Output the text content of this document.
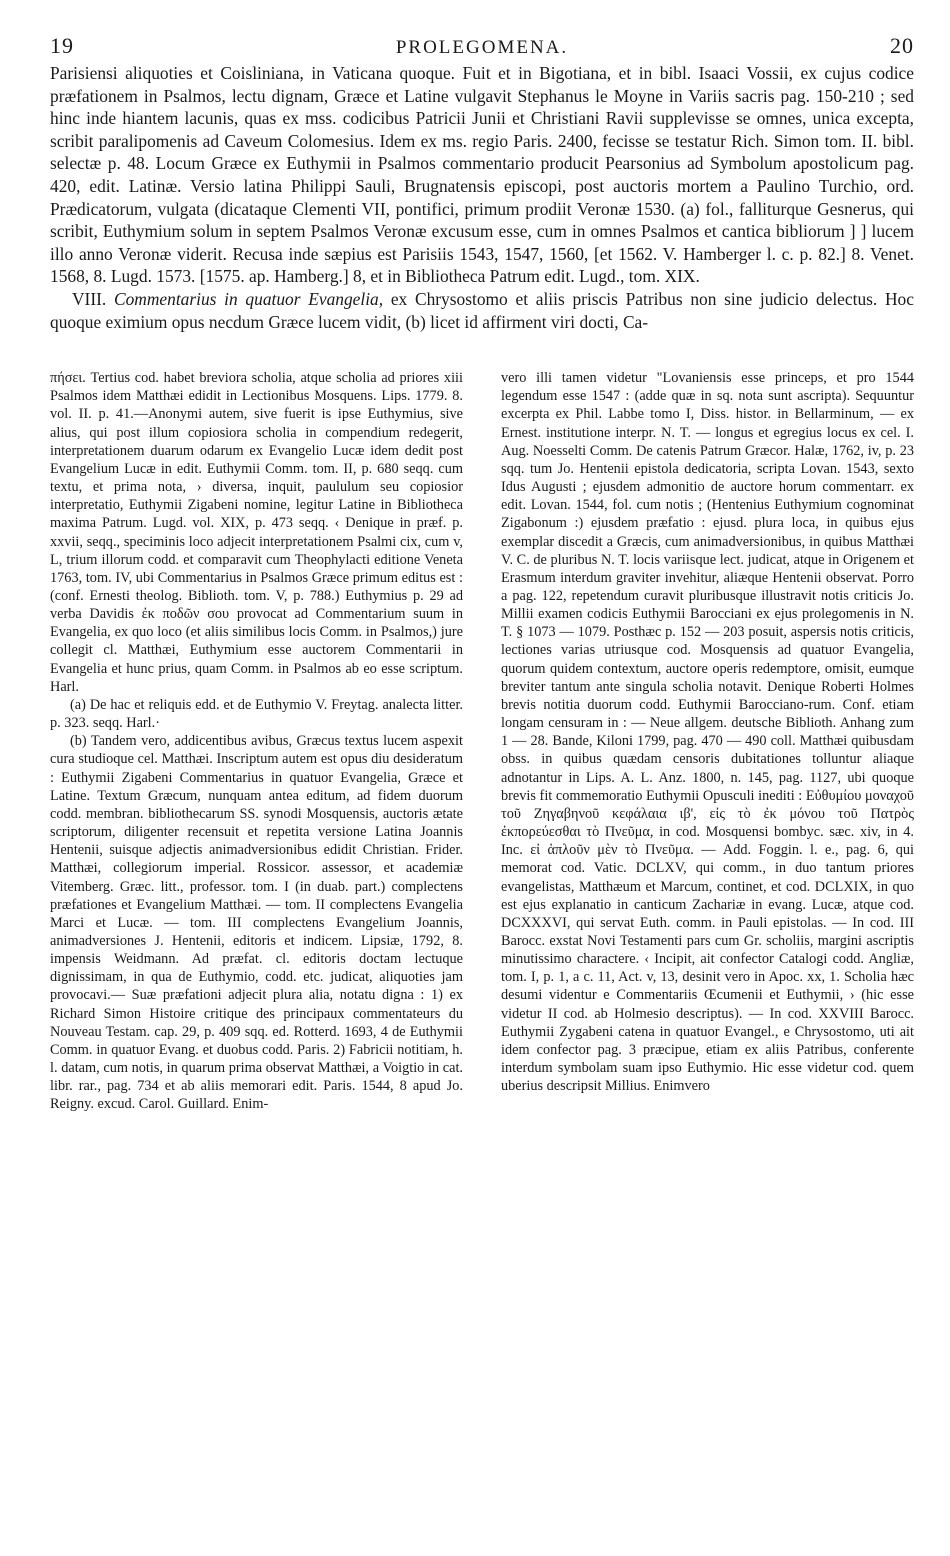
19	PROLEGOMENA.	20

Parisiensi aliquoties et Coisliniana, in Vaticana quoque. Fuit et in Bigotiana, et in bibl. Isaaci Vossii, ex cujus codice præfationem in Psalmos, lectu dignam, Græce et Latine vulgavit Stephanus le Moyne in Variis sacris pag. 150-210 ; sed hinc inde hiantem lacunis, quas ex mss. codicibus Patricii Junii et Christiani Ravii supplevisse se omnes, unica excepta, scribit paralipomenis ad Caveum Colomesius. Idem ex ms. regio Paris. 2400, fecisse se testatur Rich. Simon tom. II. bibl. selectæ p. 48. Locum Græce ex Euthymii in Psalmos commentario producit Pearsonius ad Symbolum apostolicum pag. 420, edit. Latinæ. Versio latina Philippi Sauli, Brugnatensis episcopi, post auctoris mortem a Paulino Turchio, ord. Prædicatorum, vulgata (dicataque Clementi VII, pontifici, primum prodiit Veronæ 1530. (a) fol., falliturque Gesnerus, qui scribit, Euthymium solum in septem Psalmos Veronæ excusum esse, cum in omnes Psalmos et cantica bibliorum ] ] lucem illo anno Veronæ viderit. Recusa inde sæpius est Parisiis 1543, 1547, 1560, [et 1562. V. Hamberger l. c. p. 82.] 8. Venet. 1568, 8. Lugd. 1573. [1575. ap. Hamberg.] 8, et in Bibliotheca Patrum edit. Lugd., tom. XIX.

VIII. Commentarius in quatuor Evangelia, ex Chrysostomo et aliis priscis Patribus non sine judicio delectus. Hoc quoque eximium opus necdum Græce lucem vidit, (b) licet id affirment viri docti, Ca-

πήσει. Tertius cod. habet breviora scholia, atque scholia ad priores xiii Psalmos idem Matthæi edidit in Lectionibus Mosquens. Lips. 1779. 8. vol. II. p. 41.—Anonymi autem, sive fuerit is ipse Euthymius, sive alius, qui post illum copiosiora scholia in compendium redegerit, interpretationem duarum odarum ex Evangelio Lucæ idem dedit post Evangelium Lucæ in edit. Euthymii Comm. tom. II, p. 680 seqq. cum textu, et prima nota, › diversa, inquit, paululum seu copiosior interpretatio, Euthymii Zigabeni nomine, legitur Latine in Bibliotheca maxima Patrum. Lugd. vol. XIX, p. 473 seqq. ‹ Denique in præf. p. xxvii, seqq., speciminis loco adjecit interpretationem Psalmi cix, cum v, L, trium illorum codd. et comparavit cum Theophylacti editione Veneta 1763, tom. IV, ubi Commentarius in Psalmos Græce primum editus est : (conf. Ernesti theolog. Biblioth. tom. V, p. 788.) Euthymius p. 29 ad verba Davidis ἐκ ποδῶν σου provocat ad Commentarium suum in Evangelia, ex quo loco (et aliis similibus locis Comm. in Psalmos,) jure collegit cl. Matthæi, Euthymium esse auctorem Commentarii in Evangelia et hunc prius, quam Comm. in Psalmos ab eo esse scriptum. Harl.

(a) De hac et reliquis edd. et de Euthymio V. Freytag. analecta litter. p. 323. seqq. Harl.·

(b) Tandem vero, addicentibus avibus, Græcus textus lucem aspexit cura studioque cel. Matthæi. Inscriptum autem est opus diu desideratum : Euthymii Zigabeni Commentarius in quatuor Evangelia, Græce et Latine. Textum Græcum, nunquam antea editum, ad fidem duorum codd. membran. bibliothecarum SS. synodi Mosquensis, auctoris ætate scriptorum, diligenter recensuit et repetita versione Latina Joannis Hentenii, suisque adjectis animadversionibus edidit Christian. Frider. Matthæi, collegiorum imperial. Rossicor. assessor, et academiæ Vitemberg. Græc. litt., professor. tom. I (in duab. part.) complectens præfationes et Evangelium Matthæi. — tom. II complectens Evangelia Marci et Lucæ. — tom. III complectens Evangelium Joannis, animadversiones J. Hentenii, editoris et indicem. Lipsiæ, 1792, 8. impensis Weidmann. Ad præfat. cl. editoris doctam lectuque dignissimam, in qua de Euthymio, codd. etc. judicat, aliquoties jam provocavi.— Suæ præfationi adjecit plura alia, notatu digna : 1) ex Richard Simon Histoire critique des principaux commentateurs du Nouveau Testam. cap. 29, p. 409 sqq. ed. Rotterd. 1693, 4 de Euthymii Comm. in quatuor Evang. et duobus codd. Paris. 2) Fabricii notitiam, h. l. datam, cum notis, in quarum prima observat Matthæi, a Voigtio in cat. libr. rar., pag. 734 et ab aliis memorari edit. Paris. 1544, 8 apud Jo. Reigny. excud. Carol. Guillard. Enim-

vero illi tamen videtur "Lovaniensis esse princeps, et pro 1544 legendum esse 1547 : (adde quæ in sq. nota sunt ascripta). Sequuntur excerpta ex Phil. Labbe tomo I, Diss. histor. in Bellarminum, — ex Ernest. institutione interpr. N. T. — longus et egregius locus ex cel. I. Aug. Noesselti Comm. De catenis Patrum Græcor. Halæ, 1762, iv, p. 23 sqq. tum Jo. Hentenii epistola dedicatoria, scripta Lovan. 1543, sexto Idus Augusti ; ejusdem admonitio de auctore horum commentarr. ex edit. Lovan. 1544, fol. cum notis ; (Hentenius Euthymium cognominat Zigabonum :) ejusdem præfatio : ejusd. plura loca, in quibus ejus exemplar discedit a Græcis, cum animadversionibus, in quibus Matthæi V. C. de pluribus N. T. locis variisque lect. judicat, atque in Origenem et Erasmum interdum graviter invehitur, aliæque Hentenii observat. Porro a pag. 122, repetendum curavit pluribusque illustravit notis criticis Jo. Millii examen codicis Euthymii Barocciani ex ejus prolegomenis in N. T. § 1073 — 1079. Posthæc p. 152 — 203 posuit, aspersis notis criticis, lectiones varias utriusque cod. Mosquensis ad quatuor Evangelia, quorum quidem contextum, auctore operis redemptore, omisit, eumque breviter tantum ante singula scholia notavit. Denique Roberti Holmes brevis notitia duorum codd. Euthymii Barocciano-rum. Conf. etiam longam censuram in : — Neue allgem. deutsche Biblioth. Anhang zum 1 — 28. Bande, Kiloni 1799, pag. 470 — 490 coll. Matthæi quibusdam obss. in quibus quædam censoris dubitationes tolluntur aliaque adnotantur in Lips. A. L. Anz. 1800, n. 145, pag. 1127, ubi quoque brevis fit commemoratio Euthymii Opusculi inediti : Εὐθυμίου μοναχοῦ τοῦ Ζηγαβηνοῦ κεφάλαια ιβ', εἰς τὸ ἐκ μόνου τοῦ Πατρὸς ἐκπορεύεσθαι τὸ Πνεῦμα, in cod. Mosquensi bombyc. sæc. xiv, in 4. Inc. εἰ ἁπλοῦν μὲν τὸ Πνεῦμα. — Add. Foggin. l. e., pag. 6, qui memorat cod. Vatic. DCLXV, qui comm., in duo tantum priores evangelistas, Matthæum et Marcum, continet, et cod. DCLXIX, in quo est ejus explanatio in canticum Zachariæ in evang. Lucæ, atque cod. DCXXXVI, qui servat Euth. comm. in Pauli epistolas. — In cod. III Barocc. exstat Novi Testamenti pars cum Gr. scholiis, margini ascriptis minutissimo charactere. ‹ Incipit, ait confector Catalogi codd. Angliæ, tom. I, p. 1, a c. 11, Act. v, 13, desinit vero in Apoc. xx, 1. Scholia hæc desumi videntur e Commentariis Œcumenii et Euthymii, › (hic esse videtur II cod. ab Holmesio descriptus). — In cod. XXVIII Barocc. Euthymii Zygabeni catena in quatuor Evangel., e Chrysostomo, uti ait idem confector pag. 3 præcipue, etiam ex aliis Patribus, conferente interdum symbolam suam ipso Euthymio. Hic esse videtur cod. quem uberius descripsit Millius. Enimvero
